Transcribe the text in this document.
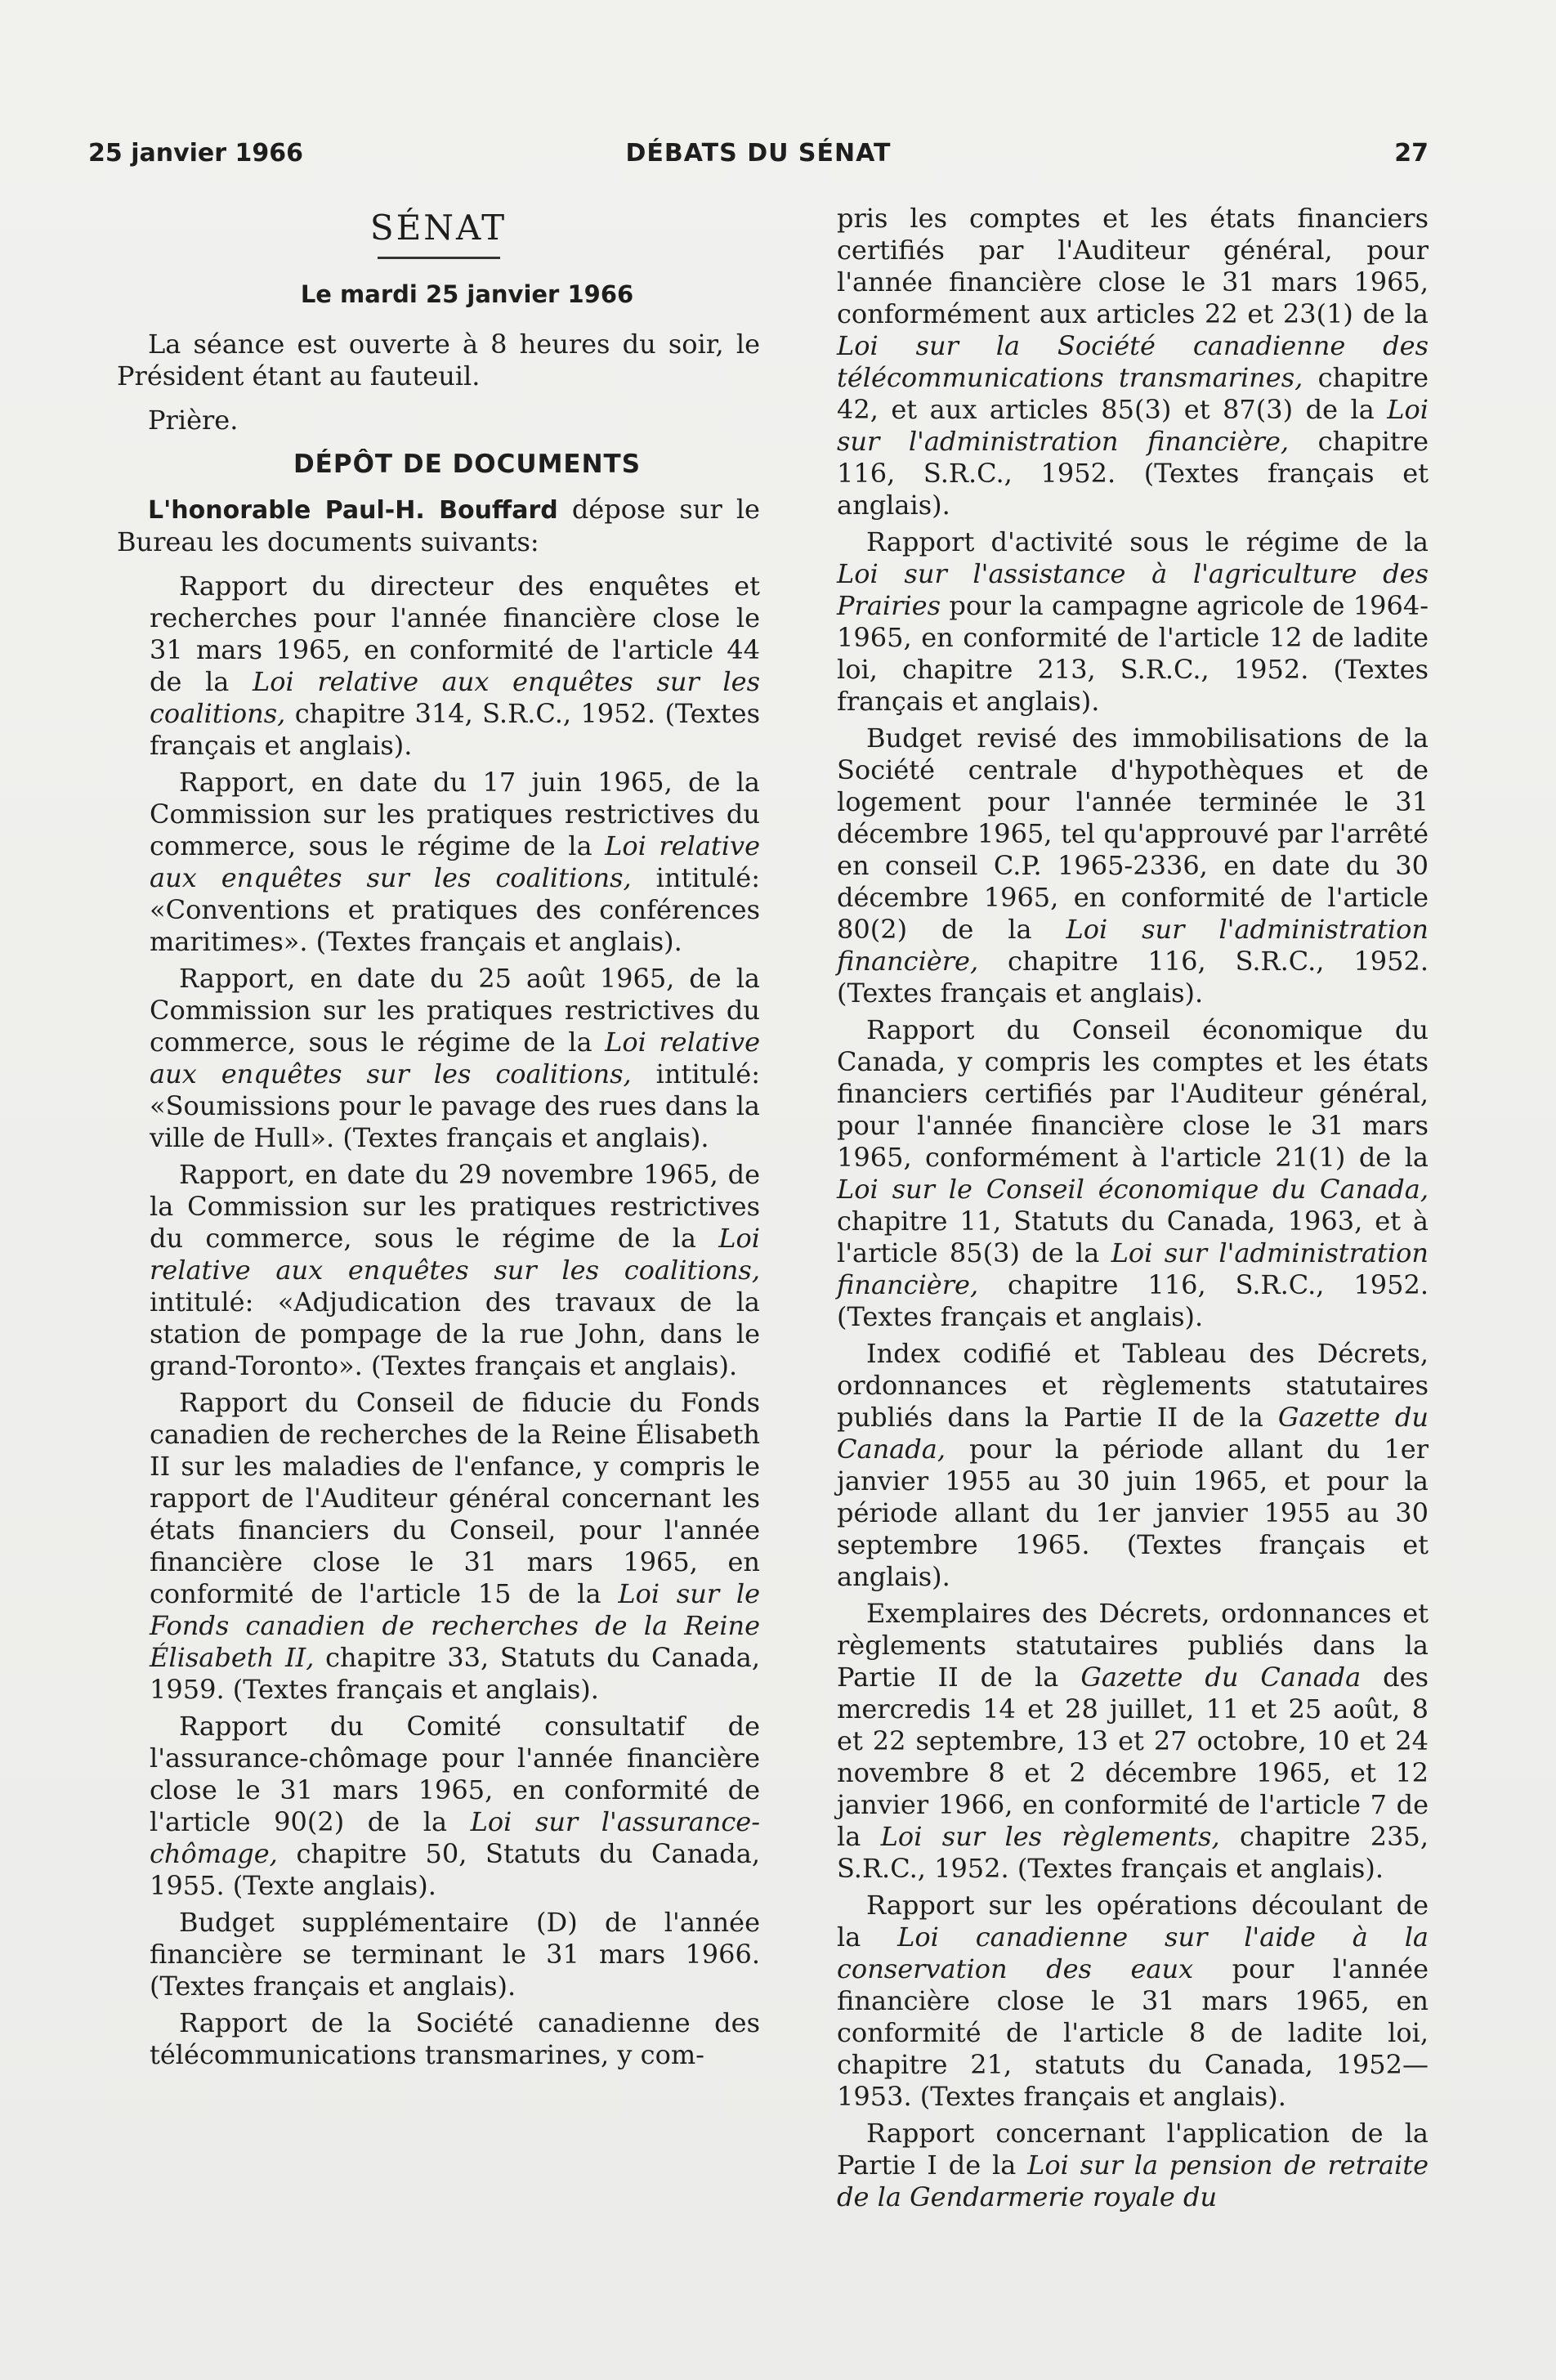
25 janvier 1966	DÉBATS DU SÉNAT	27
SÉNAT
Le mardi 25 janvier 1966

La séance est ouverte à 8 heures du soir, le Président étant au fauteuil.

Prière.

DÉPÔT DE DOCUMENTS

L'honorable Paul-H. Bouffard dépose sur le Bureau les documents suivants:

Rapport du directeur des enquêtes et recherches pour l'année financière close le 31 mars 1965, en conformité de l'article 44 de la Loi relative aux enquêtes sur les coalitions, chapitre 314, S.R.C., 1952. (Textes français et anglais).

Rapport, en date du 17 juin 1965, de la Commission sur les pratiques restrictives du commerce, sous le régime de la Loi relative aux enquêtes sur les coalitions, intitulé: «Conventions et pratiques des conférences maritimes». (Textes français et anglais).

Rapport, en date du 25 août 1965, de la Commission sur les pratiques restrictives du commerce, sous le régime de la Loi relative aux enquêtes sur les coalitions, intitulé: «Soumissions pour le pavage des rues dans la ville de Hull». (Textes français et anglais).

Rapport, en date du 29 novembre 1965, de la Commission sur les pratiques restrictives du commerce, sous le régime de la Loi relative aux enquêtes sur les coalitions, intitulé: «Adjudication des travaux de la station de pompage de la rue John, dans le grand-Toronto». (Textes français et anglais).

Rapport du Conseil de fiducie du Fonds canadien de recherches de la Reine Élisabeth II sur les maladies de l'enfance, y compris le rapport de l'Auditeur général concernant les états financiers du Conseil, pour l'année financière close le 31 mars 1965, en conformité de l'article 15 de la Loi sur le Fonds canadien de recherches de la Reine Élisabeth II, chapitre 33, Statuts du Canada, 1959. (Textes français et anglais).

Rapport du Comité consultatif de l'assurance-chômage pour l'année financière close le 31 mars 1965, en conformité de l'article 90(2) de la Loi sur l'assurance-chômage, chapitre 50, Statuts du Canada, 1955. (Texte anglais).

Budget supplémentaire (D) de l'année financière se terminant le 31 mars 1966. (Textes français et anglais).

Rapport de la Société canadienne des télécommunications transmarines, y com-

pris les comptes et les états financiers certifiés par l'Auditeur général, pour l'année financière close le 31 mars 1965, conformément aux articles 22 et 23(1) de la Loi sur la Société canadienne des télécommunications transmarines, chapitre 42, et aux articles 85(3) et 87(3) de la Loi sur l'administration financière, chapitre 116, S.R.C., 1952. (Textes français et anglais).

Rapport d'activité sous le régime de la Loi sur l'assistance à l'agriculture des Prairies pour la campagne agricole de 1964-1965, en conformité de l'article 12 de ladite loi, chapitre 213, S.R.C., 1952. (Textes français et anglais).

Budget revisé des immobilisations de la Société centrale d'hypothèques et de logement pour l'année terminée le 31 décembre 1965, tel qu'approuvé par l'arrêté en conseil C.P. 1965-2336, en date du 30 décembre 1965, en conformité de l'article 80(2) de la Loi sur l'administration financière, chapitre 116, S.R.C., 1952. (Textes français et anglais).

Rapport du Conseil économique du Canada, y compris les comptes et les états financiers certifiés par l'Auditeur général, pour l'année financière close le 31 mars 1965, conformément à l'article 21(1) de la Loi sur le Conseil économique du Canada, chapitre 11, Statuts du Canada, 1963, et à l'article 85(3) de la Loi sur l'administration financière, chapitre 116, S.R.C., 1952. (Textes français et anglais).

Index codifié et Tableau des Décrets, ordonnances et règlements statutaires publiés dans la Partie II de la Gazette du Canada, pour la période allant du 1er janvier 1955 au 30 juin 1965, et pour la période allant du 1er janvier 1955 au 30 septembre 1965. (Textes français et anglais).

Exemplaires des Décrets, ordonnances et règlements statutaires publiés dans la Partie II de la Gazette du Canada des mercredis 14 et 28 juillet, 11 et 25 août, 8 et 22 septembre, 13 et 27 octobre, 10 et 24 novembre 8 et 2 décembre 1965, et 12 janvier 1966, en conformité de l'article 7 de la Loi sur les règlements, chapitre 235, S.R.C., 1952. (Textes français et anglais).

Rapport sur les opérations découlant de la Loi canadienne sur l'aide à la conservation des eaux pour l'année financière close le 31 mars 1965, en conformité de l'article 8 de ladite loi, chapitre 21, statuts du Canada, 1952—1953. (Textes français et anglais).

Rapport concernant l'application de la Partie I de la Loi sur la pension de retraite de la Gendarmerie royale du
